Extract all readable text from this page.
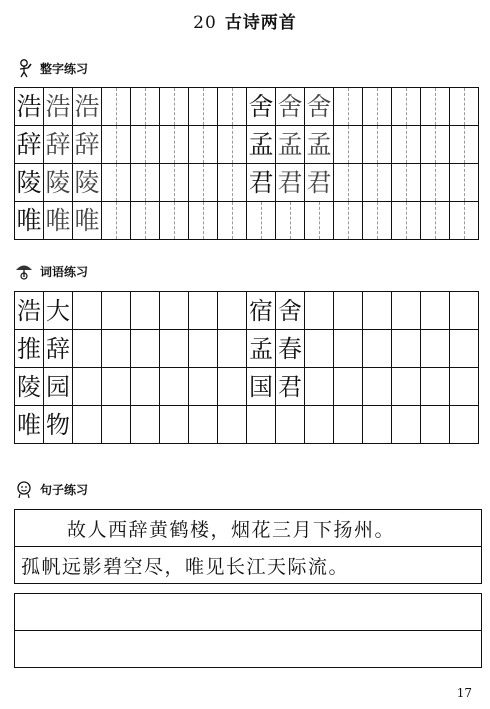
20 古诗两首
整字练习
浩 浩 浩	舍 舍 舍
辞 辞 辞	孟 孟 孟
陵 陵 陵	君 君 君
唯 唯 唯
词语练习
浩 大	宿 舍
推 辞	孟 春
陵 园	国 君
唯 物
句子练习
故人西辞黄鹤楼，烟花三月下扬州。
孤帆远影碧空尽，唯见长江天际流。
17
